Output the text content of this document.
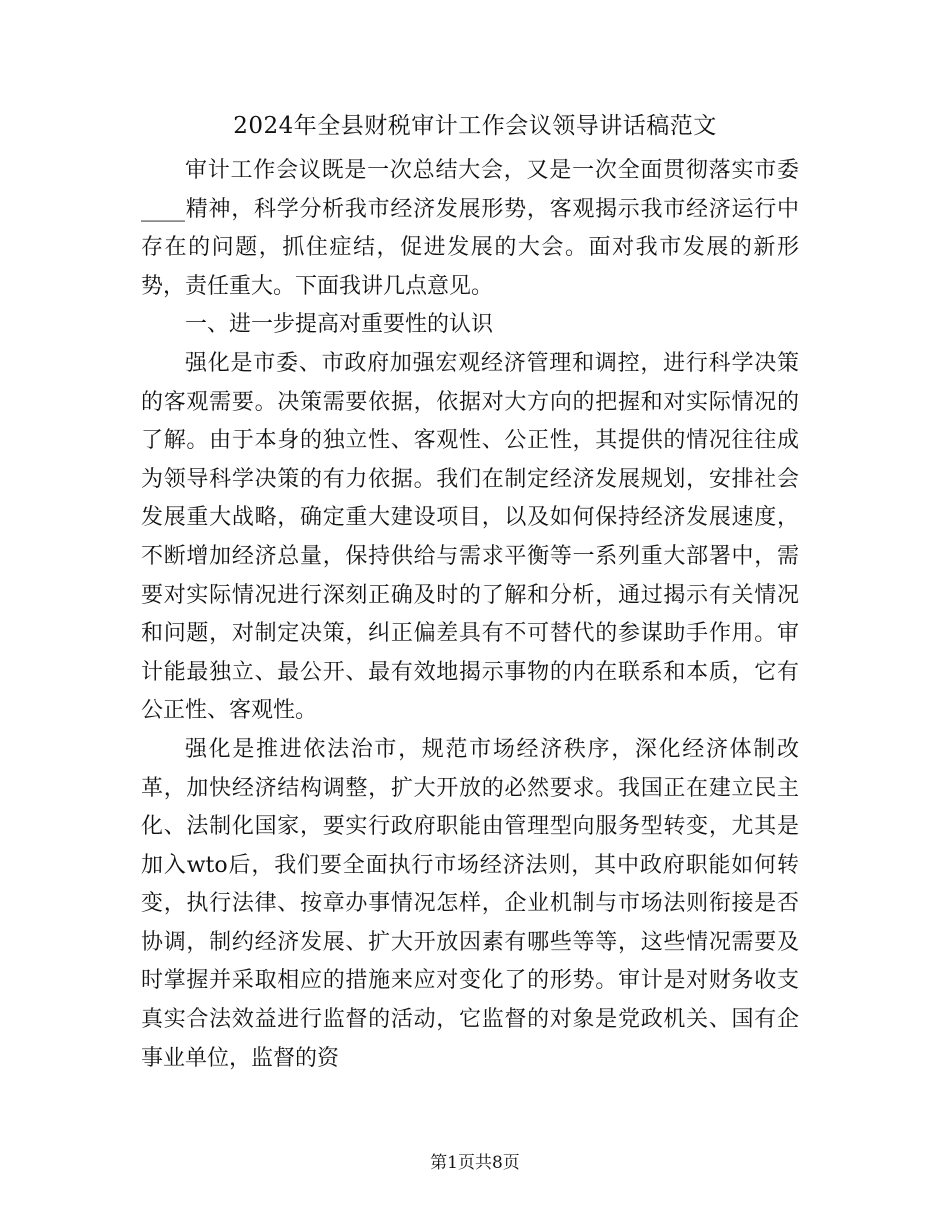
2024年全县财税审计工作会议领导讲话稿范文

审计工作会议既是一次总结大会，又是一次全面贯彻落实市委____精神，科学分析我市经济发展形势，客观揭示我市经济运行中存在的问题，抓住症结，促进发展的大会。面对我市发展的新形势，责任重大。下面我讲几点意见。

一、进一步提高对重要性的认识

强化是市委、市政府加强宏观经济管理和调控，进行科学决策的客观需要。决策需要依据，依据对大方向的把握和对实际情况的了解。由于本身的独立性、客观性、公正性，其提供的情况往往成为领导科学决策的有力依据。我们在制定经济发展规划，安排社会发展重大战略，确定重大建设项目，以及如何保持经济发展速度，不断增加经济总量，保持供给与需求平衡等一系列重大部署中，需要对实际情况进行深刻正确及时的了解和分析，通过揭示有关情况和问题，对制定决策，纠正偏差具有不可替代的参谋助手作用。审计能最独立、最公开、最有效地揭示事物的内在联系和本质，它有公正性、客观性。

强化是推进依法治市，规范市场经济秩序，深化经济体制改革，加快经济结构调整，扩大开放的必然要求。我国正在建立民主化、法制化国家，要实行政府职能由管理型向服务型转变，尤其是加入wto后，我们要全面执行市场经济法则，其中政府职能如何转变，执行法律、按章办事情况怎样，企业机制与市场法则衔接是否协调，制约经济发展、扩大开放因素有哪些等等，这些情况需要及时掌握并采取相应的措施来应对变化了的形势。审计是对财务收支真实合法效益进行监督的活动，它监督的对象是党政机关、国有企事业单位，监督的资

第1页共8页
